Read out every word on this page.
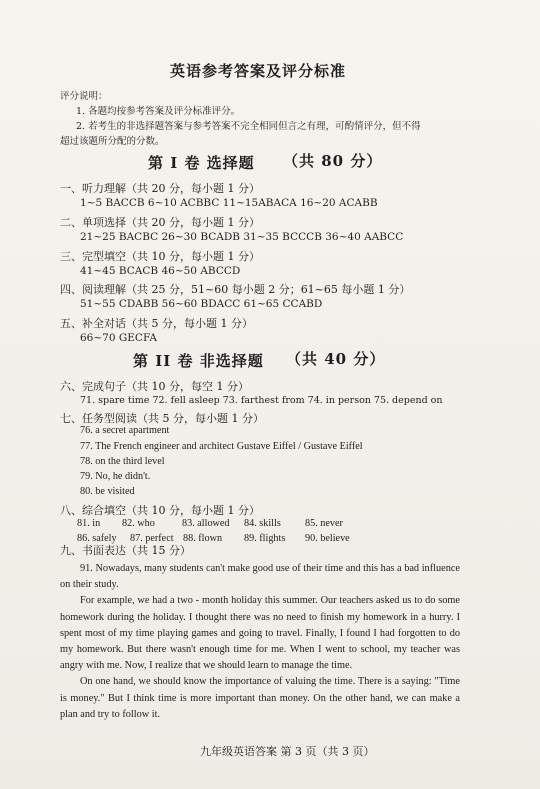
英语参考答案及评分标准
评分说明：
1. 各题均按参考答案及评分标准评分。
2. 若考生的非选择题答案与参考答案不完全相同但言之有理，可酌情评分，但不得
超过该题所分配的分数。
第 I 卷 选择题 （共 80 分）
一、听力理解（共 20 分，每小题 1 分）
1~5 BACCB 6~10 ACBBC 11~15ABACA 16~20 ACABB
二、单项选择（共 20 分，每小题 1 分）
21~25 BACBC 26~30 BCADB 31~35 BCCCB 36~40 AABCC
三、完型填空（共 10 分，每小题 1 分）
41~45 BCACB 46~50 ABCCD
四、阅读理解（共 25 分，51~60 每小题 2 分；61~65 每小题 1 分）
51~55 CDABB 56~60 BDACC 61~65 CCABD
五、补全对话（共 5 分，每小题 1 分）
66~70 GECFA
第 II 卷 非选择题 （共 40 分）
六、完成句子（共 10 分，每空 1 分）
71. spare time 72. fell asleep 73. farthest from 74. in person 75. depend on
七、任务型阅读（共 5 分，每小题 1 分）
76. a secret apartment
77. The French engineer and architect Gustave Eiffel / Gustave Eiffel
78. on the third level
79. No, he didn't.
80. be visited
八、综合填空（共 10 分，每小题 1 分）
81. in 82. who	83. allowed 84. skills 85. never
86. safely 87. perfect 88. flown 89. flights 90. believe
九、书面表达（共 15 分）

91. Nowadays, many students can't make good use of their time and this has a bad influence on their study.

For example, we had a two - month holiday this summer. Our teachers asked us to do some homework during the holiday. I thought there was no need to finish my homework in a hurry. I spent most of my time playing games and going to travel. Finally, I found I had forgotten to do my homework. But there wasn't enough time for me. When I went to school, my teacher was angry with me. Now, I realize that we should learn to manage the time.

On one hand, we should know the importance of valuing the time. There is a saying: "Time is money." But I think time is more important than money. On the other hand, we can make a plan and try to follow it.

九年级英语答案 第 3 页（共 3 页）
